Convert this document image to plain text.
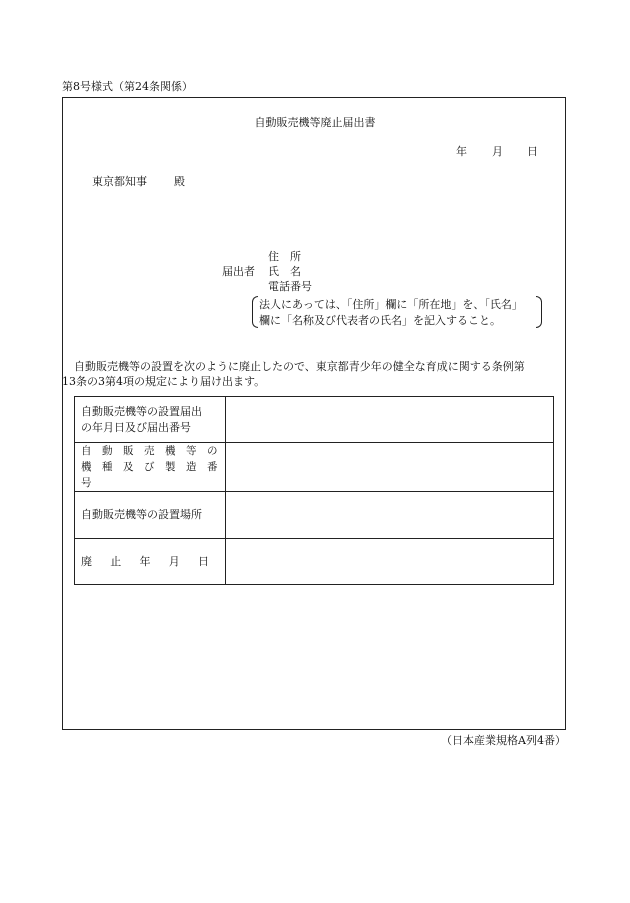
第8号様式（第24条関係）
自動販売機等廃止届出書
年 月 日
東京都知事 殿
住　所
届出者 氏　名
電話番号
法人にあっては、「住所」欄に「所在地」を、「氏名」
欄に「名称及び代表者の氏名」を記入すること。
自動販売機等の設置を次のように廃止したので、東京都青少年の健全な育成に関する条例第
13条の3第4項の規定により届け出ます。
自動販売機等の設置届出
の年月日及び届出番号	

自　動　販　売　機　等　の
機　種　及　び　製　造　番　号	

自動販売機等の設置場所	

廃 止 年 月 日	

（日本産業規格A列4番）
